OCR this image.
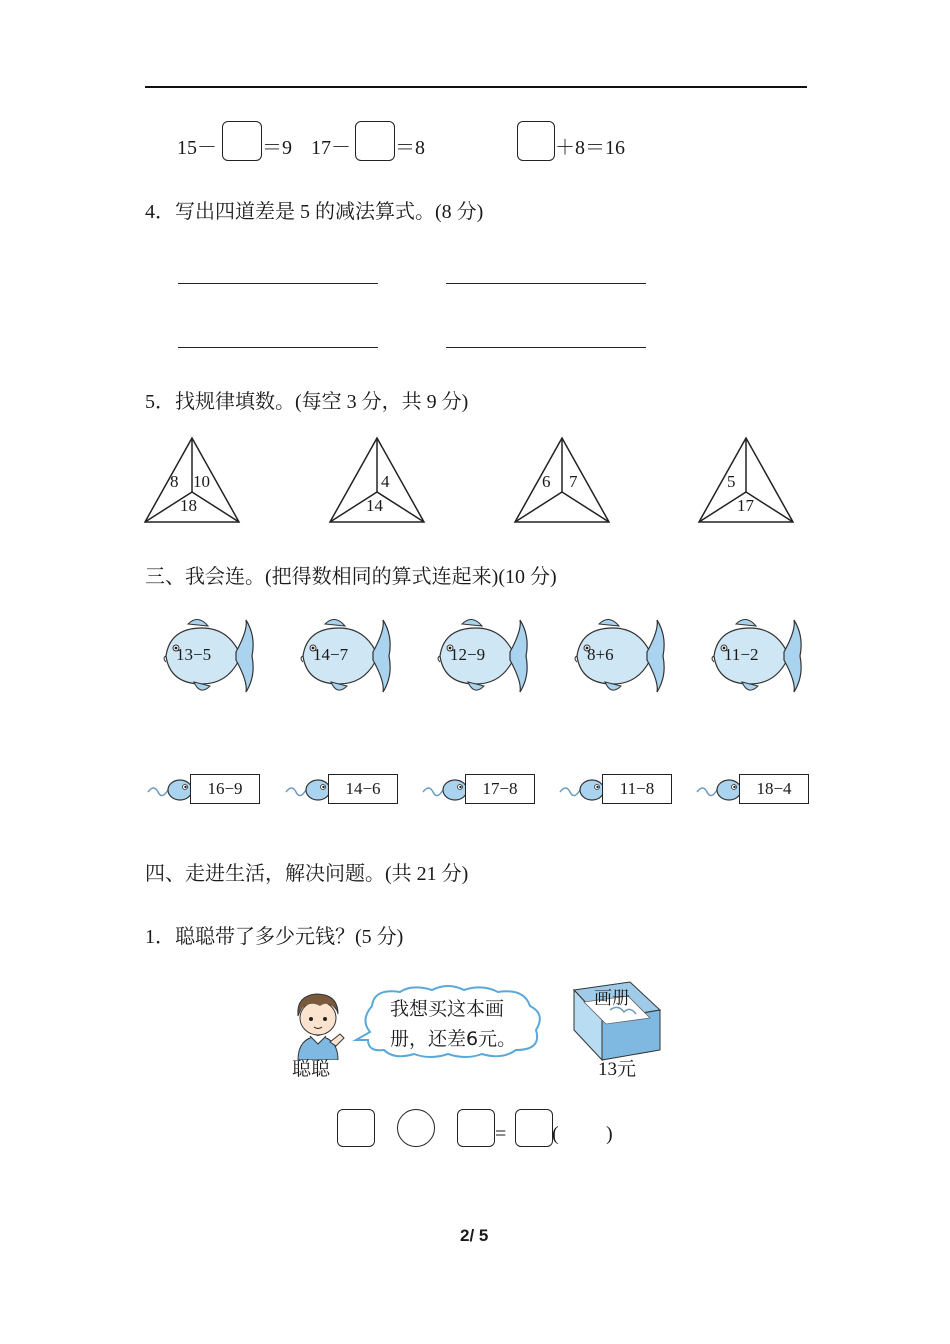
15－ ＝9 17－ ＝8	＋8＝16
4．写出四道差是 5 的减法算式。(8 分)
5．找规律填数。(每空 3 分，共 9 分)
8 10
18
4
14
6 7	5
17
三、我会连。(把得数相同的算式连起来)(10 分)
13−5	14−7	12−9	8+6	11−2
16−9	14−6	17−8	11−8	18−4
四、走进生活，解决问题。(共 21 分)
1．聪聪带了多少元钱？(5 分)
聪聪
我想买这本画
册，还差6元。
画册
13元
= ( )
2/ 5
